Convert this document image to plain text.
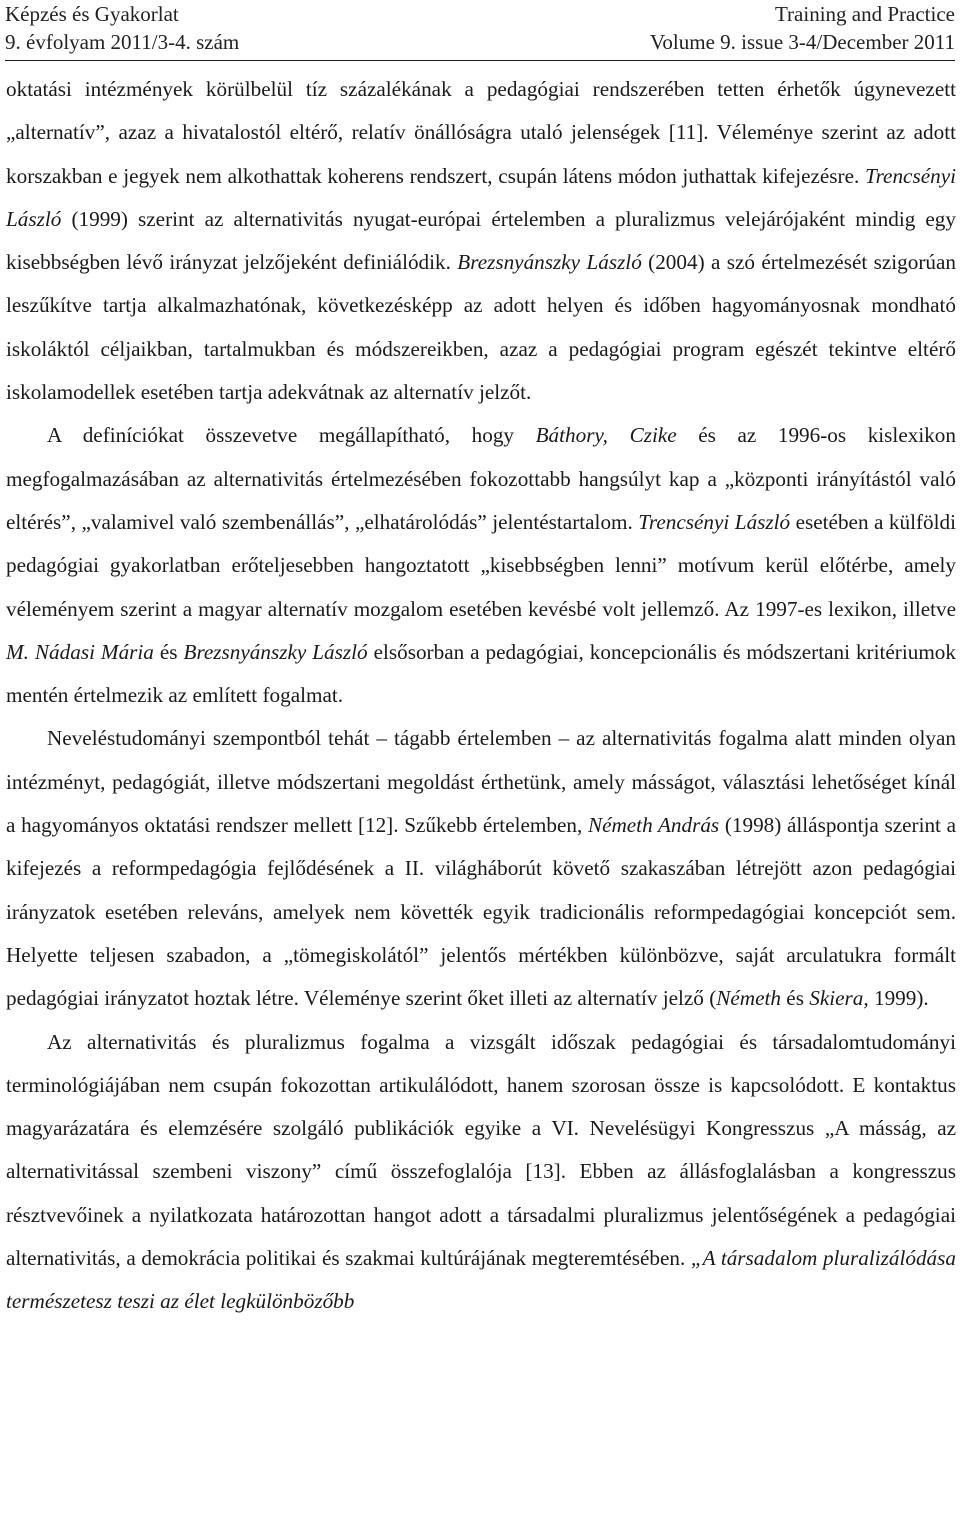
Képzés és Gyakorlat
9. évfolyam 2011/3-4. szám
Training and Practice
Volume 9. issue 3-4/December 2011

oktatási intézmények körülbelül tíz százalékának a pedagógiai rendszerében tetten érhetők úgynevezett „alternatív”, azaz a hivatalostól eltérő, relatív önállóságra utaló jelenségek [11]. Véleménye szerint az adott korszakban e jegyek nem alkothattak koherens rendszert, csupán látens módon juthattak kifejezésre. Trencsényi László (1999) szerint az alternativitás nyugat-európai értelemben a pluralizmus velejárójaként mindig egy kisebbségben lévő irányzat jelzőjeként definiálódik. Brezsnyánszky László (2004) a szó értelmezését szigorúan leszűkítve tartja alkalmazhatónak, következésképp az adott helyen és időben hagyományosnak mondható iskoláktól céljaikban, tartalmukban és módszereikben, azaz a pedagógiai program egészét tekintve eltérő iskolamodellek esetében tartja adekvátnak az alternatív jelzőt.

A definíciókat összevetve megállapítható, hogy Báthory, Czike és az 1996-os kislexikon megfogalmazásában az alternativitás értelmezésében fokozottabb hangsúlyt kap a „központi irányítástól való eltérés”, „valamivel való szembenállás”, „elhatárolódás” jelentéstartalom. Trencsényi László esetében a külföldi pedagógiai gyakorlatban erőteljesebben hangoztatott „kisebbségben lenni” motívum kerül előtérbe, amely véleményem szerint a magyar alternatív mozgalom esetében kevésbé volt jellemző. Az 1997-es lexikon, illetve M. Nádasi Mária és Brezsnyánszky László elsősorban a pedagógiai, koncepcionális és módszertani kritériumok mentén értelmezik az említett fogalmat.

Neveléstudományi szempontból tehát – tágabb értelemben – az alternativitás fogalma alatt minden olyan intézményt, pedagógiát, illetve módszertani megoldást érthetünk, amely másságot, választási lehetőséget kínál a hagyományos oktatási rendszer mellett [12]. Szűkebb értelemben, Németh András (1998) álláspontja szerint a kifejezés a reformpedagógia fejlődésének a II. világháborút követő szakaszában létrejött azon pedagógiai irányzatok esetében releváns, amelyek nem követték egyik tradicionális reformpedagógiai koncepciót sem. Helyette teljesen szabadon, a „tömegiskolától” jelentős mértékben különbözve, saját arculatukra formált pedagógiai irányzatot hoztak létre. Véleménye szerint őket illeti az alternatív jelző (Németh és Skiera, 1999).

Az alternativitás és pluralizmus fogalma a vizsgált időszak pedagógiai és társadalomtudományi terminológiájában nem csupán fokozottan artikulálódott, hanem szorosan össze is kapcsolódott. E kontaktus magyarázatára és elemzésére szolgáló publikációk egyike a VI. Nevelésügyi Kongresszus „A másság, az alternativitással szembeni viszony” című összefoglalója [13]. Ebben az állásfoglalásban a kongresszus résztvevőinek a nyilatkozata határozottan hangot adott a társadalmi pluralizmus jelentőségének a pedagógiai alternativitás, a demokrácia politikai és szakmai kultúrájának megteremtésében. „A társadalom pluralizálódása természetesz teszi az élet legkülönbözőbb
